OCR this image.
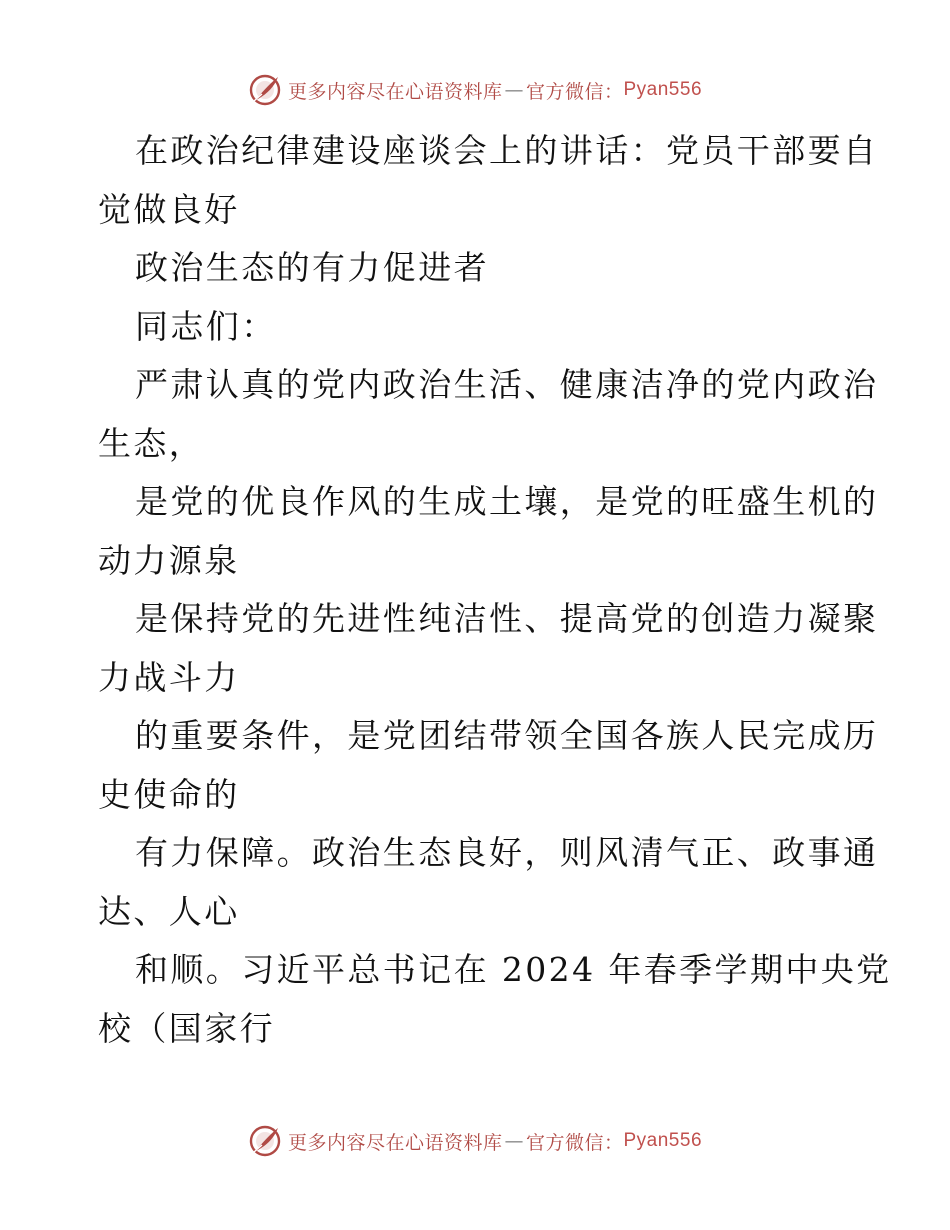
更多内容尽在心语资料库 — 官方微信： Pyan556

在政治纪律建设座谈会上的讲话：党员干部要自

觉做良好

政治生态的有力促进者

同志们：

严肃认真的党内政治生活、健康洁净的党内政治

生态，

是党的优良作风的生成土壤，是党的旺盛生机的

动力源泉

是保持党的先进性纯洁性、提高党的创造力凝聚

力战斗力

的重要条件，是党团结带领全国各族人民完成历

史使命的

有力保障。政治生态良好，则风清气正、政事通

达、人心

和顺。习近平总书记在 2024 年春季学期中央党

校（国家行

更多内容尽在心语资料库 — 官方微信： Pyan556
